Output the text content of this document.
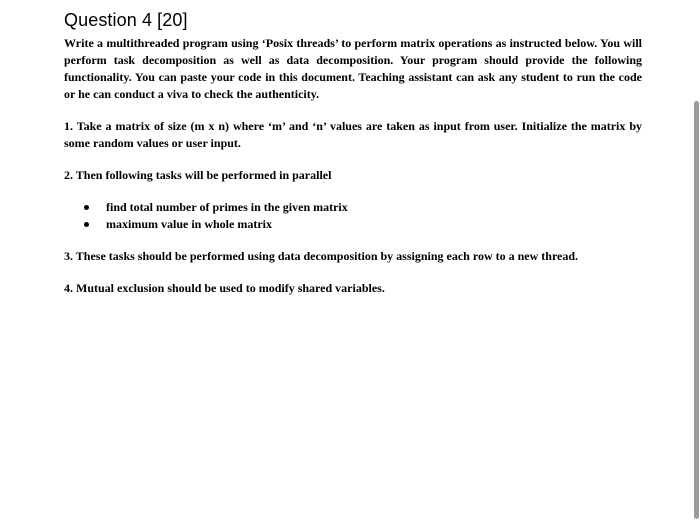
Question 4 [20]

Write a multithreaded program using ‘Posix threads’ to perform matrix operations as instructed below. You will perform task decomposition as well as data decomposition. Your program should provide the following functionality. You can paste your code in this document. Teaching assistant can ask any student to run the code or he can conduct a viva to check the authenticity.

1. Take a matrix of size (m x n) where ‘m’ and ‘n’ values are taken as input from user. Initialize the matrix by some random values or user input.

2. Then following tasks will be performed in parallel

find total number of primes in the given matrix
maximum value in whole matrix

3. These tasks should be performed using data decomposition by assigning each row to a new thread.

4. Mutual exclusion should be used to modify shared variables.
